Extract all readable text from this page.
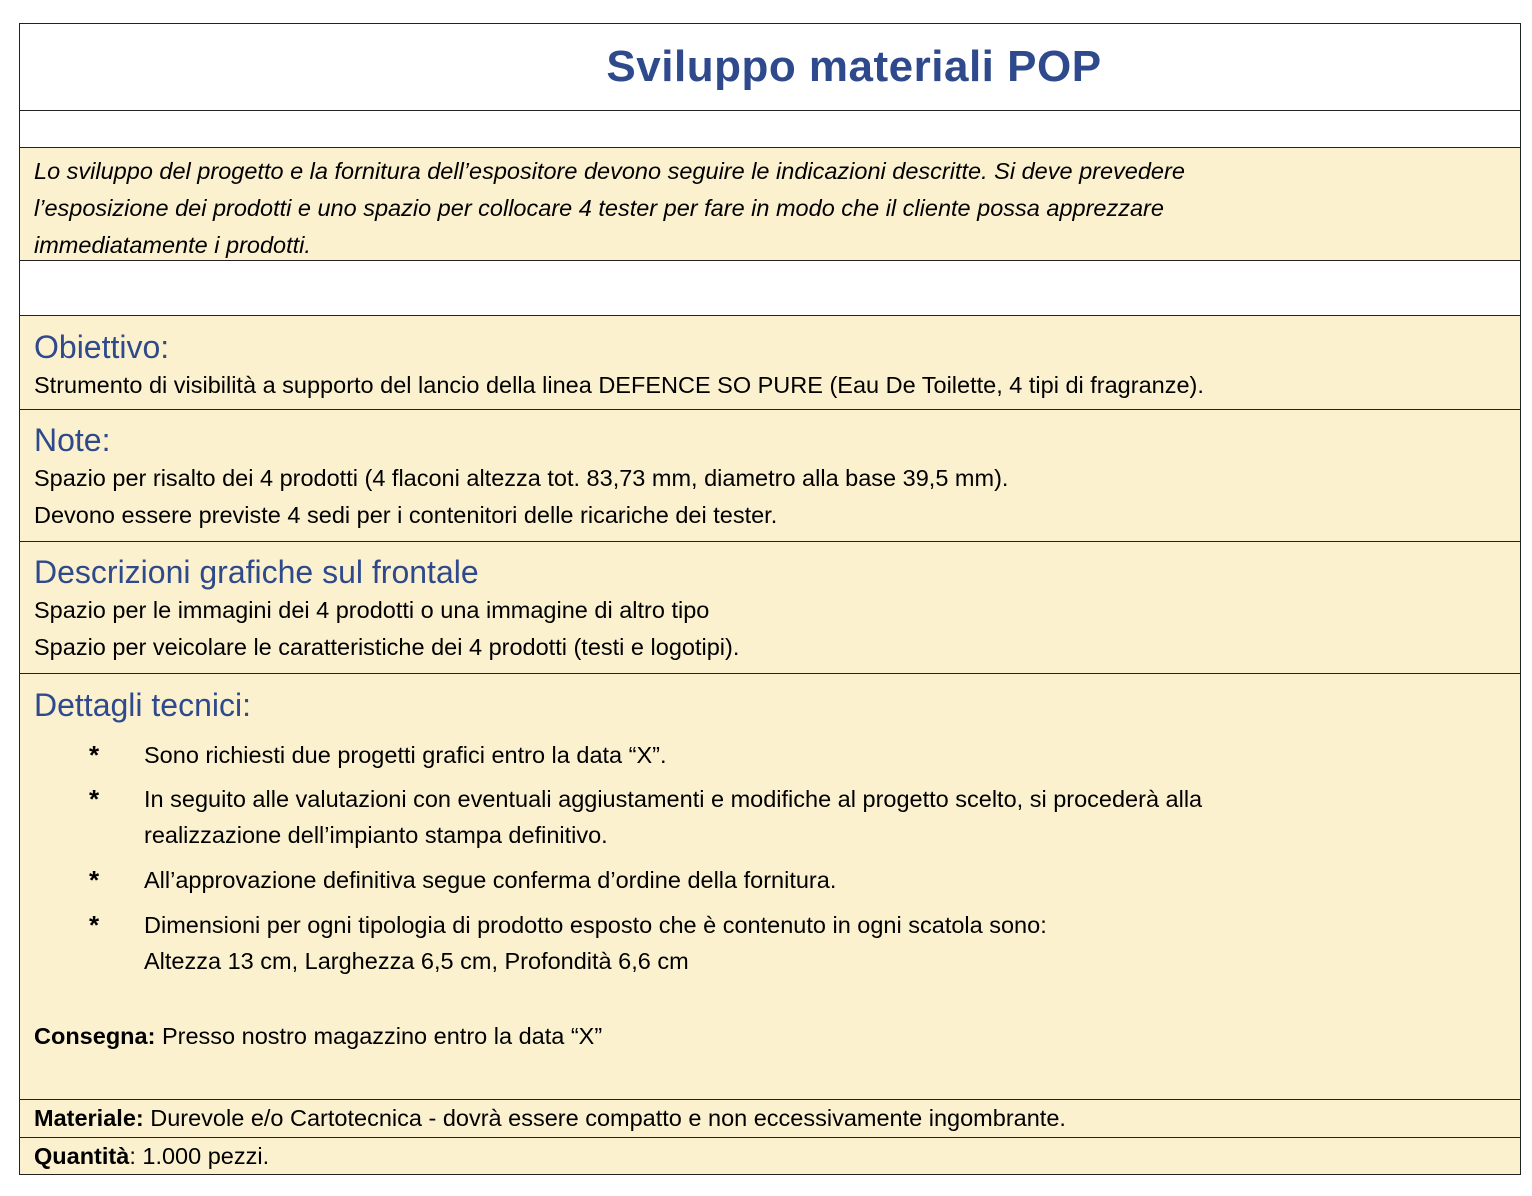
Sviluppo materiali POP

Lo sviluppo del progetto e la fornitura dell’espositore devono seguire le indicazioni descritte. Si deve prevedere

l’esposizione dei prodotti e uno spazio per collocare 4 tester per fare in modo che il cliente possa apprezzare

immediatamente i prodotti.

Obiettivo:

Strumento di visibilità a supporto del lancio della linea DEFENCE SO PURE (Eau De Toilette, 4 tipi di fragranze).

Note:

Spazio per risalto dei 4 prodotti (4 flaconi altezza tot. 83,73 mm, diametro alla base 39,5 mm).

Devono essere previste 4 sedi per i contenitori delle ricariche dei tester.

Descrizioni grafiche sul frontale

Spazio per le immagini dei 4 prodotti o una immagine di altro tipo

Spazio per veicolare le caratteristiche dei 4 prodotti (testi e logotipi).

Dettagli tecnici:
* Sono richiesti due progetti grafici entro la data “X”.
* In seguito alle valutazioni con eventuali aggiustamenti e modifiche al progetto scelto, si procederà alla
realizzazione dell’impianto stampa definitivo.
* All’approvazione definitiva segue conferma d’ordine della fornitura.
* Dimensioni per ogni tipologia di prodotto esposto che è contenuto in ogni scatola sono:
Altezza 13 cm, Larghezza 6,5 cm, Profondità 6,6 cm
Consegna: Presso nostro magazzino entro la data “X”
Materiale: Durevole e/o Cartotecnica - dovrà essere compatto e non eccessivamente ingombrante.
Quantità: 1.000 pezzi.
